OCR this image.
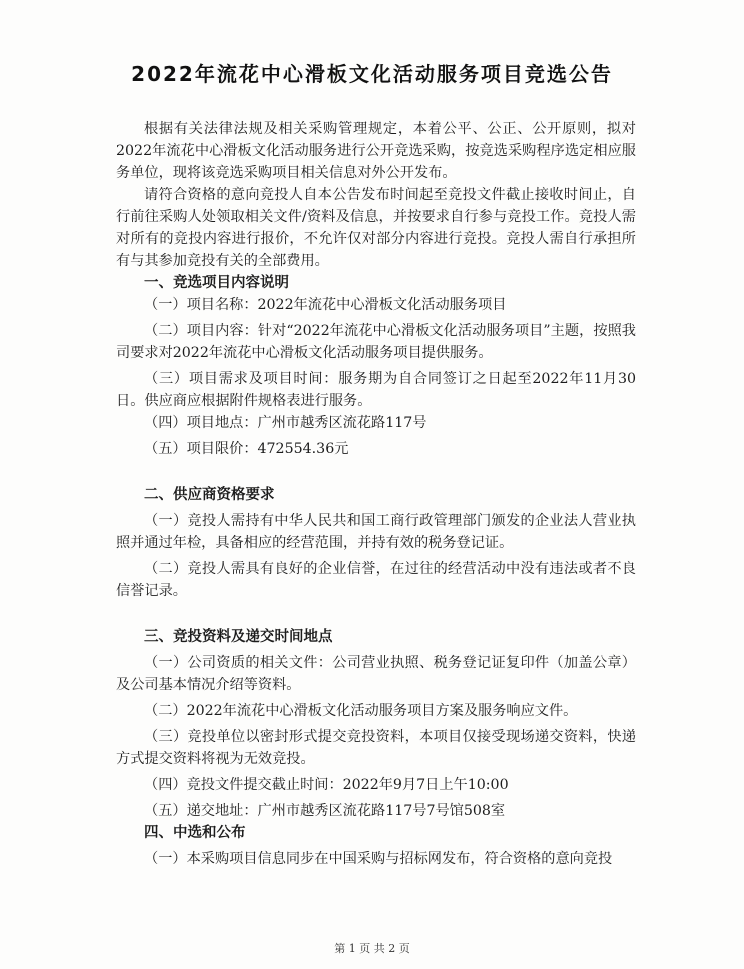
2022年流花中心滑板文化活动服务项目竞选公告

根据有关法律法规及相关采购管理规定，本着公平、公正、公开原则，拟对2022年流花中心滑板文化活动服务进行公开竞选采购，按竞选采购程序选定相应服务单位，现将该竞选采购项目相关信息对外公开发布。

请符合资格的意向竞投人自本公告发布时间起至竞投文件截止接收时间止，自行前往采购人处领取相关文件/资料及信息，并按要求自行参与竞投工作。竞投人需对所有的竞投内容进行报价，不允许仅对部分内容进行竞投。竞投人需自行承担所有与其参加竞投有关的全部费用。

一、竞选项目内容说明

（一）项目名称：2022年流花中心滑板文化活动服务项目

（二）项目内容：针对“2022年流花中心滑板文化活动服务项目”主题，按照我司要求对2022年流花中心滑板文化活动服务项目提供服务。

（三）项目需求及项目时间：服务期为自合同签订之日起至2022年11月30日。供应商应根据附件规格表进行服务。

（四）项目地点：广州市越秀区流花路117号

（五）项目限价：472554.36元

二、供应商资格要求

（一）竞投人需持有中华人民共和国工商行政管理部门颁发的企业法人营业执照并通过年检，具备相应的经营范围，并持有效的税务登记证。

（二）竞投人需具有良好的企业信誉，在过往的经营活动中没有违法或者不良信誉记录。

三、竞投资料及递交时间地点

（一）公司资质的相关文件：公司营业执照、税务登记证复印件（加盖公章）及公司基本情况介绍等资料。

（二）2022年流花中心滑板文化活动服务项目方案及服务响应文件。

（三）竞投单位以密封形式提交竞投资料，本项目仅接受现场递交资料，快递方式提交资料将视为无效竞投。

（四）竞投文件提交截止时间：2022年9月7日上午10:00

（五）递交地址：广州市越秀区流花路117号7号馆508室

四、中选和公布

（一）本采购项目信息同步在中国采购与招标网发布，符合资格的意向竞投

第 1 页 共 2 页
